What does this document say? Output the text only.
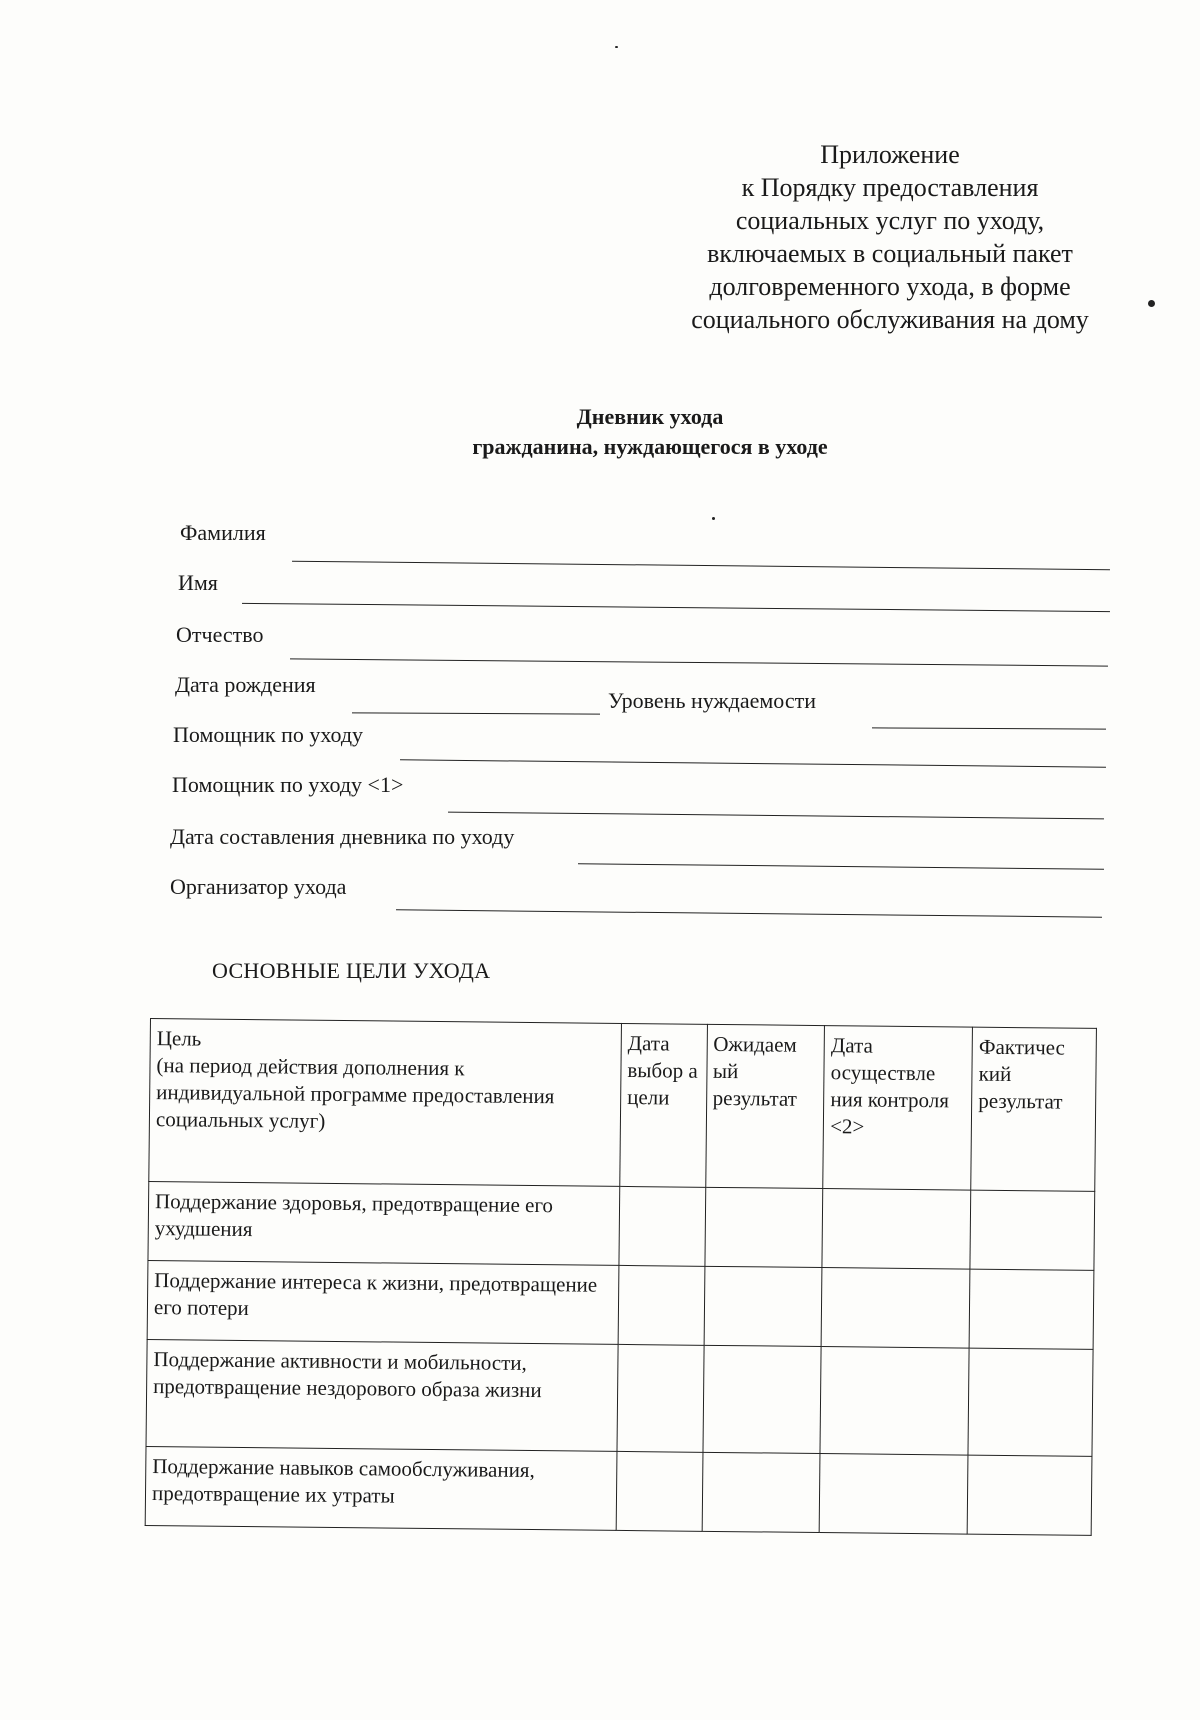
Приложение
к Порядку предоставления
социальных услуг по уходу,
включаемых в социальный пакет
долговременного ухода, в форме
социального обслуживания на дому
Дневник ухода
гражданина, нуждающегося в уходе
Фамилия
Имя
Отчество
Дата рождения
Уровень нуждаемости
Помощник по уходу
Помощник по уходу <1>
Дата составления дневника по уходу
Организатор ухода
ОСНОВНЫЕ ЦЕЛИ УХОДА
Цель
(на период действия дополнения к индивидуальной программе предоставления социальных услуг)	Дата выбор а цели	Ожидаем ый результат	Дата осуществле ния контроля <2>	Фактичес кий результат
Поддержание здоровья, предотвращение его ухудшения				
Поддержание интереса к жизни, предотвращение его потери				
Поддержание активности и мобильности, предотвращение нездорового образа жизни				
Поддержание навыков самообслуживания, предотвращение их утраты				
